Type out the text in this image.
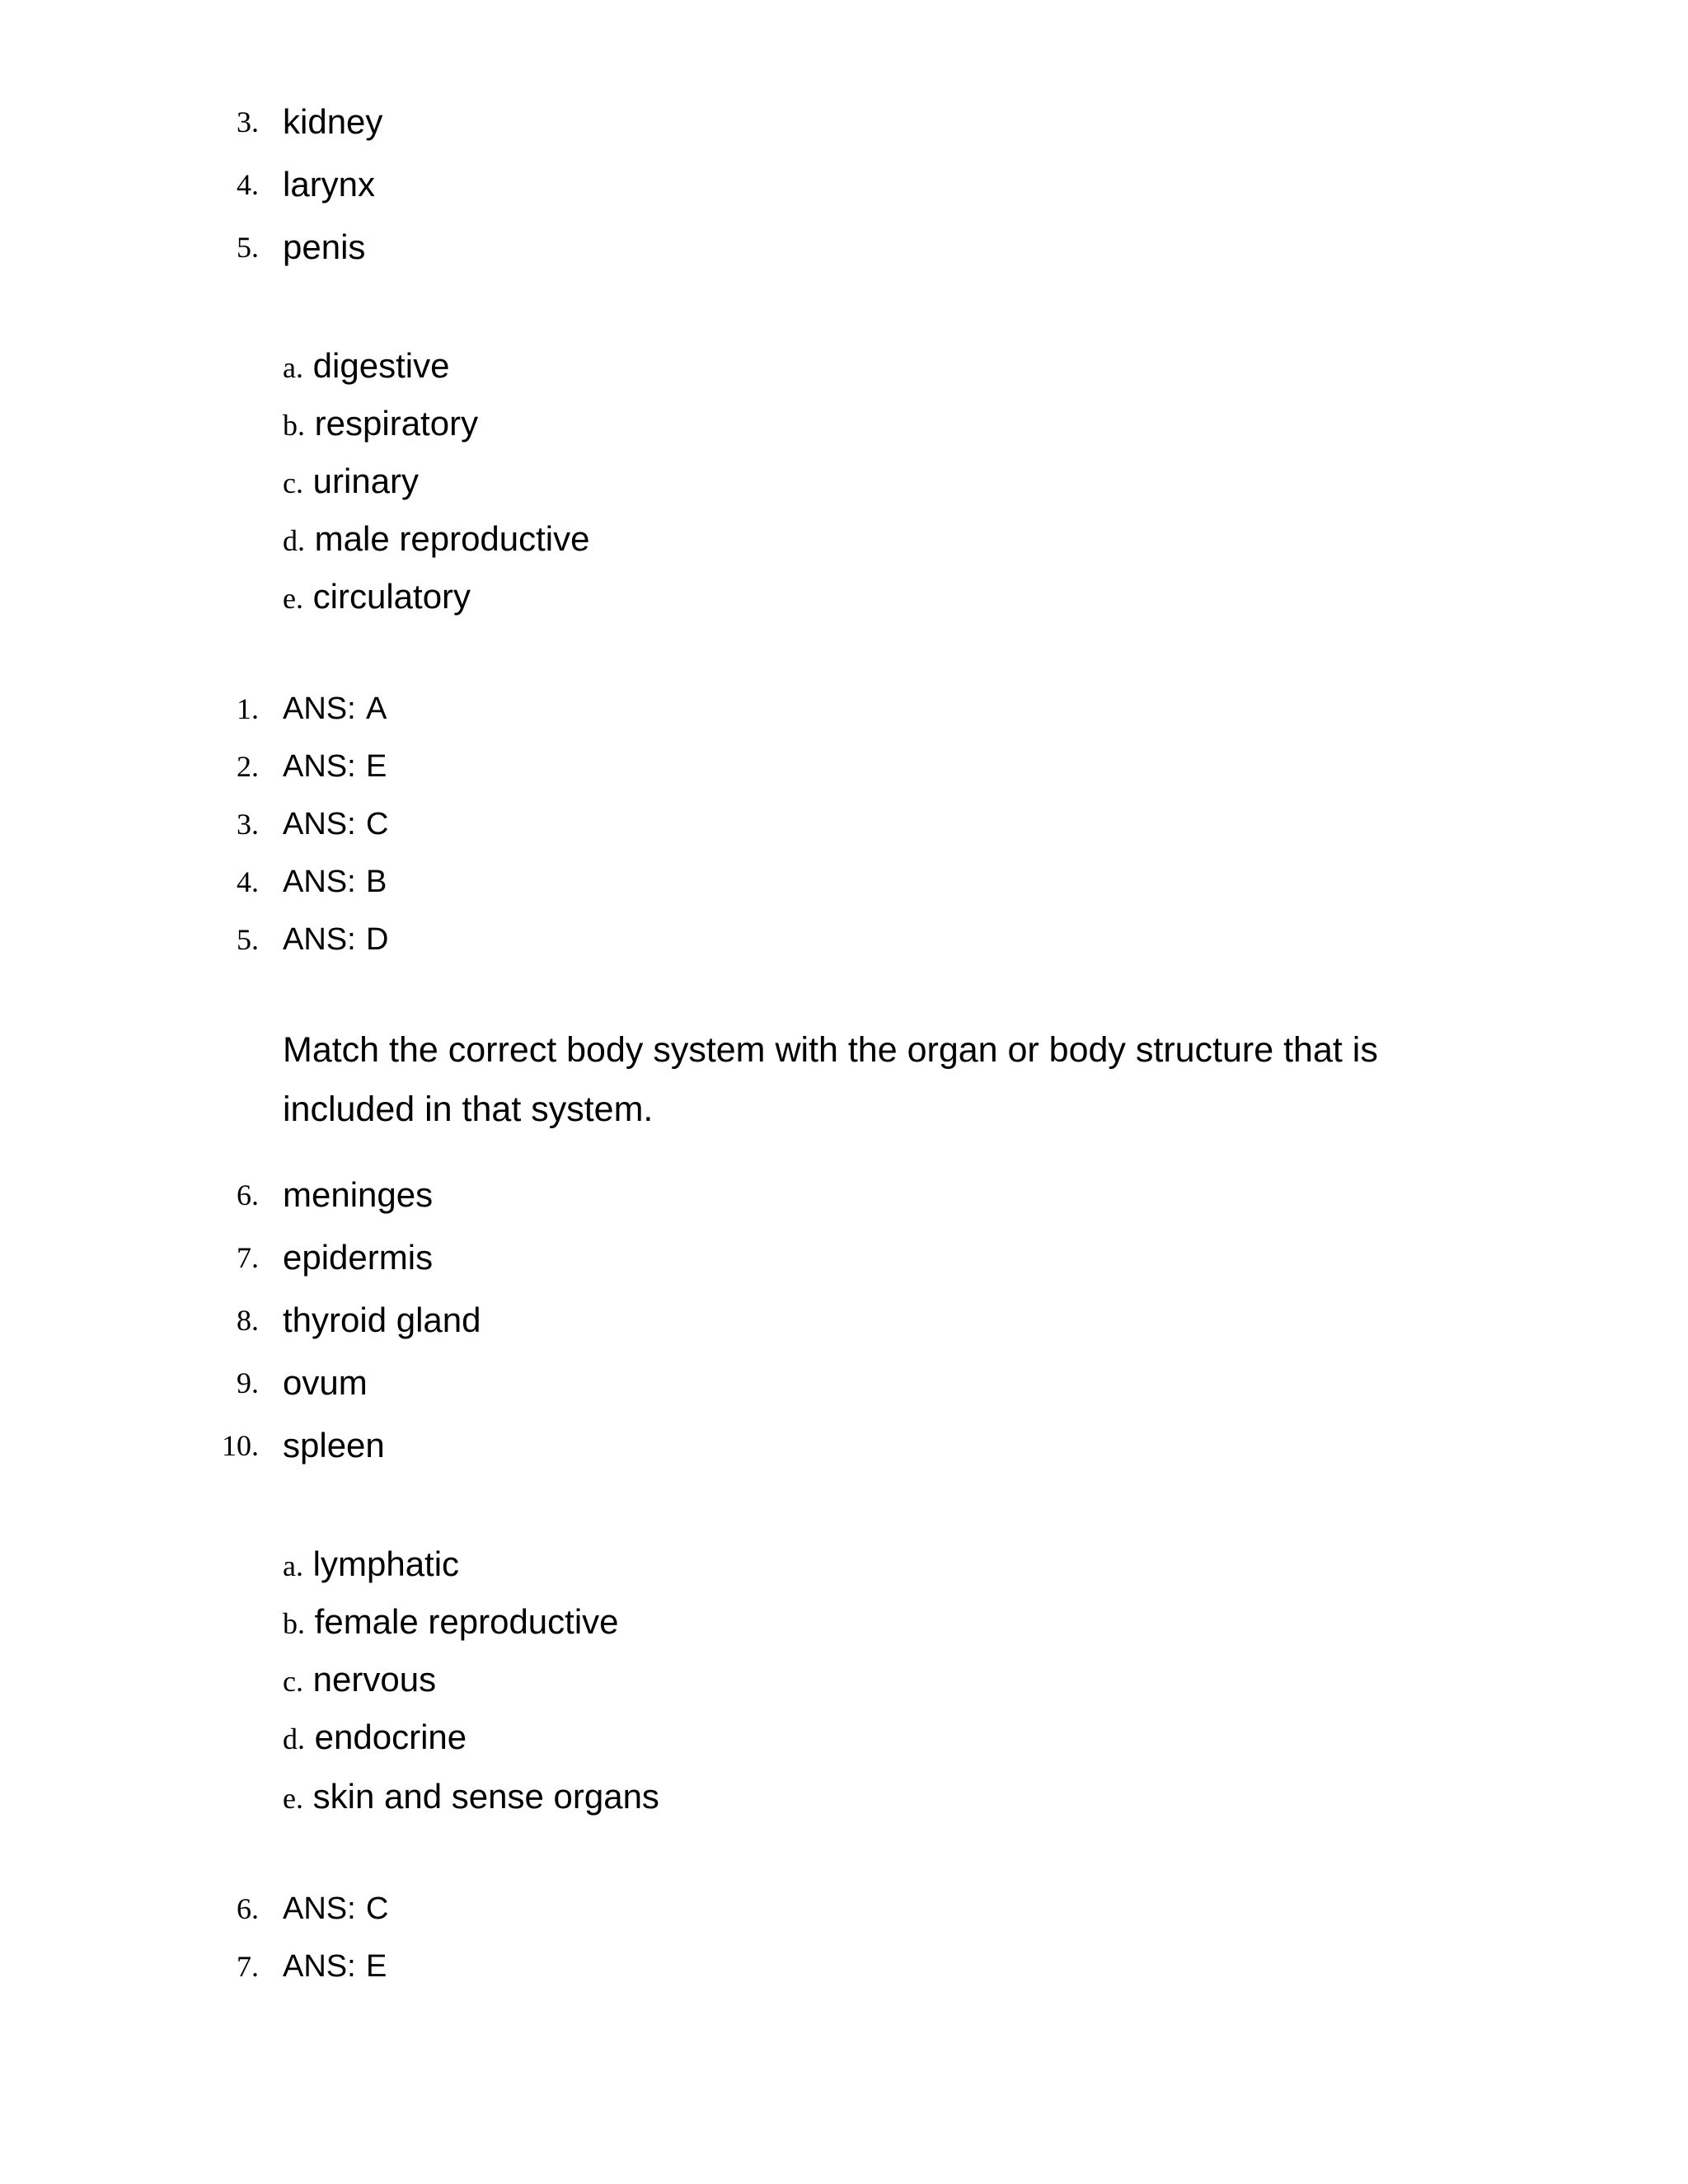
3. kidney
4. larynx
5. penis
a. digestive
b. respiratory
c. urinary
d. male reproductive
e. circulatory
1. ANS: A
2. ANS: E
3. ANS: C
4. ANS: B
5. ANS: D
Match the correct body system with the organ or body structure that is included in that system.
6. meninges
7. epidermis
8. thyroid gland
9. ovum
10. spleen
a. lymphatic
b. female reproductive
c. nervous
d. endocrine
e. skin and sense organs
6. ANS: C
7. ANS: E
